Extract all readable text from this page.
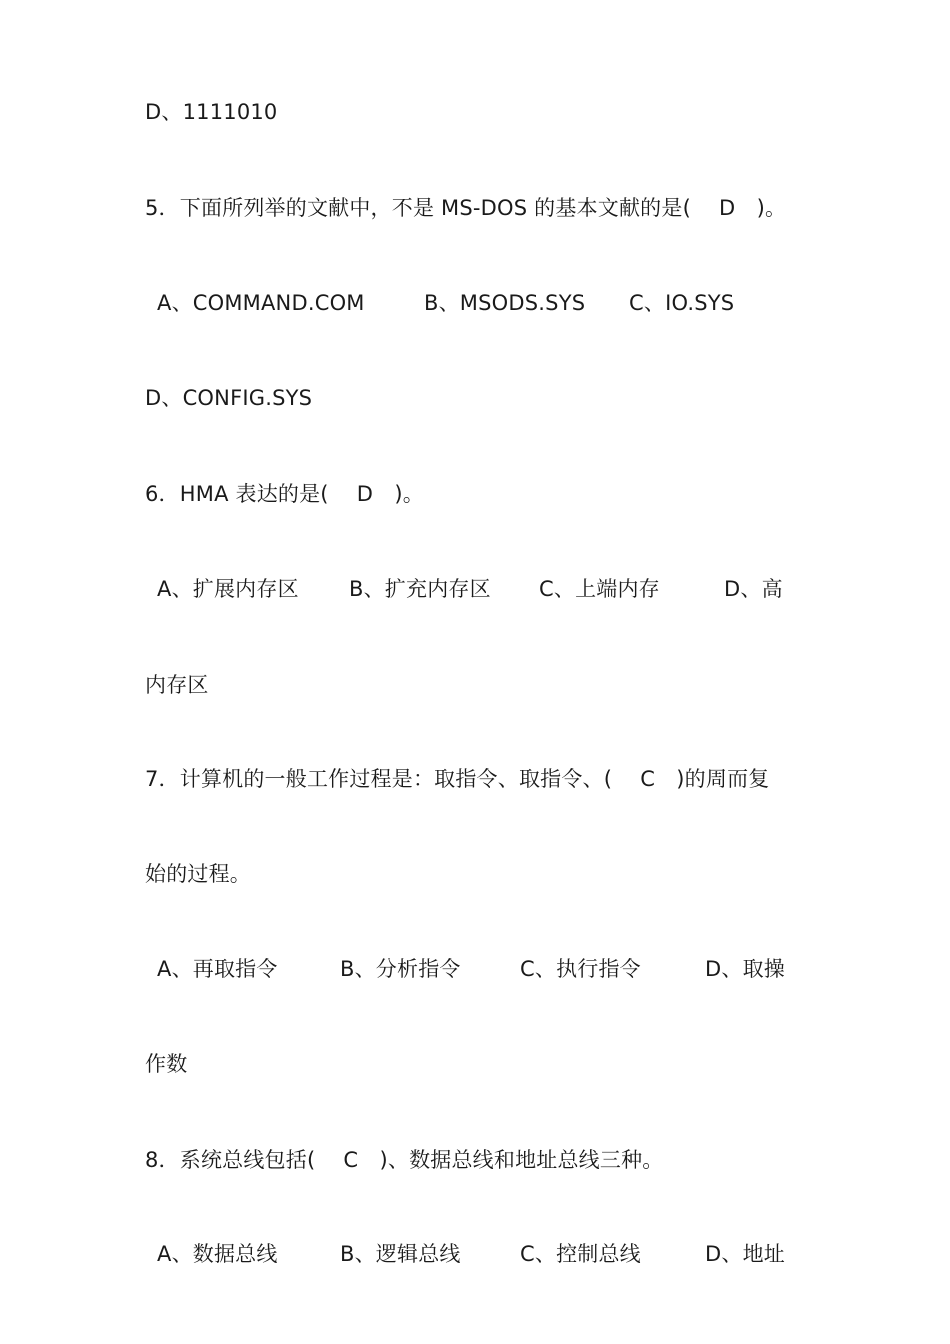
D、1111010
5．下面所列举的文献中，不是 MS-DOS 的基本文献的是(　 D　)。
A、COMMAND.COM	B、MSODS.SYS C、IO.SYS
D、CONFIG.SYS
6．HMA 表达的是(　 D　)。
A、扩展内存区 B、扩充内存区 C、上端内存	D、高
内存区
7．计算机的一般工作过程是：取指令、取指令、(　 C　)的周而复
始的过程。
A、再取指令	B、分析指令	C、执行指令	D、取操
作数
8．系统总线包括(　 C　)、数据总线和地址总线三种。
A、数据总线	B、逻辑总线	C、控制总线	D、地址
